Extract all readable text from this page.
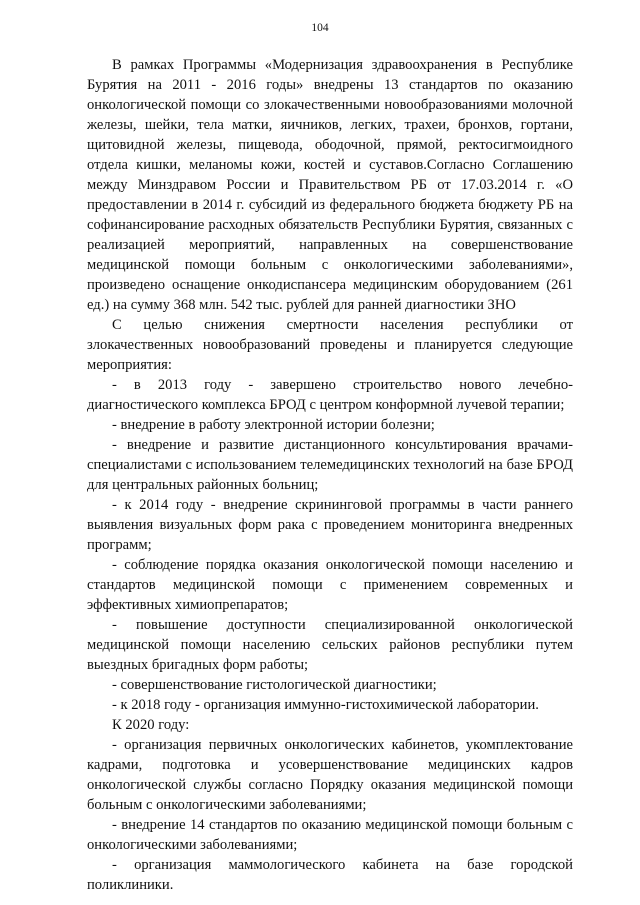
104

В рамках Программы «Модернизация здравоохранения в Республике Бурятия на 2011 - 2016 годы» внедрены 13 стандартов по оказанию онкологической помощи со злокачественными новообразованиями молочной железы, шейки, тела матки, яичников, легких, трахеи, бронхов, гортани, щитовидной железы, пищевода, ободочной, прямой, ректосигмоидного отдела кишки, меланомы кожи, костей и суставов.Согласно Соглашению между Минздравом России и Правительством РБ от 17.03.2014 г. «О предоставлении в 2014 г. субсидий из федерального бюджета бюджету РБ на софинансирование расходных обязательств Республики Бурятия, связанных с реализацией мероприятий, направленных на совершенствование медицинской помощи больным с онкологическими заболеваниями», произведено оснащение онкодиспансера медицинским оборудованием (261 ед.) на сумму 368 млн. 542 тыс. рублей для ранней диагностики ЗНО

С целью снижения смертности населения республики от злокачественных новообразований проведены и планируется следующие мероприятия:

- в 2013 году - завершено строительство нового лечебно-диагностического комплекса БРОД с центром конформной лучевой терапии;

- внедрение в работу электронной истории болезни;

- внедрение и развитие дистанционного консультирования врачами-специалистами с использованием телемедицинских технологий на базе БРОД для центральных районных больниц;

- к 2014 году - внедрение скрининговой программы в части раннего выявления визуальных форм рака с проведением мониторинга внедренных программ;

- соблюдение порядка оказания онкологической помощи населению и стандартов медицинской помощи с применением современных и эффективных химиопрепаратов;

- повышение доступности специализированной онкологической медицинской помощи населению сельских районов республики путем выездных бригадных форм работы;

- совершенствование гистологической диагностики;

- к 2018 году - организация иммунно-гистохимической лаборатории.

К 2020 году:

- организация первичных онкологических кабинетов, укомплектование кадрами, подготовка и усовершенствование медицинских кадров онкологической службы согласно Порядку оказания медицинской помощи больным с онкологическими заболеваниями;

- внедрение 14 стандартов по оказанию медицинской помощи больным с онкологическими заболеваниями;

- организация маммологического кабинета на базе городской поликлиники.
